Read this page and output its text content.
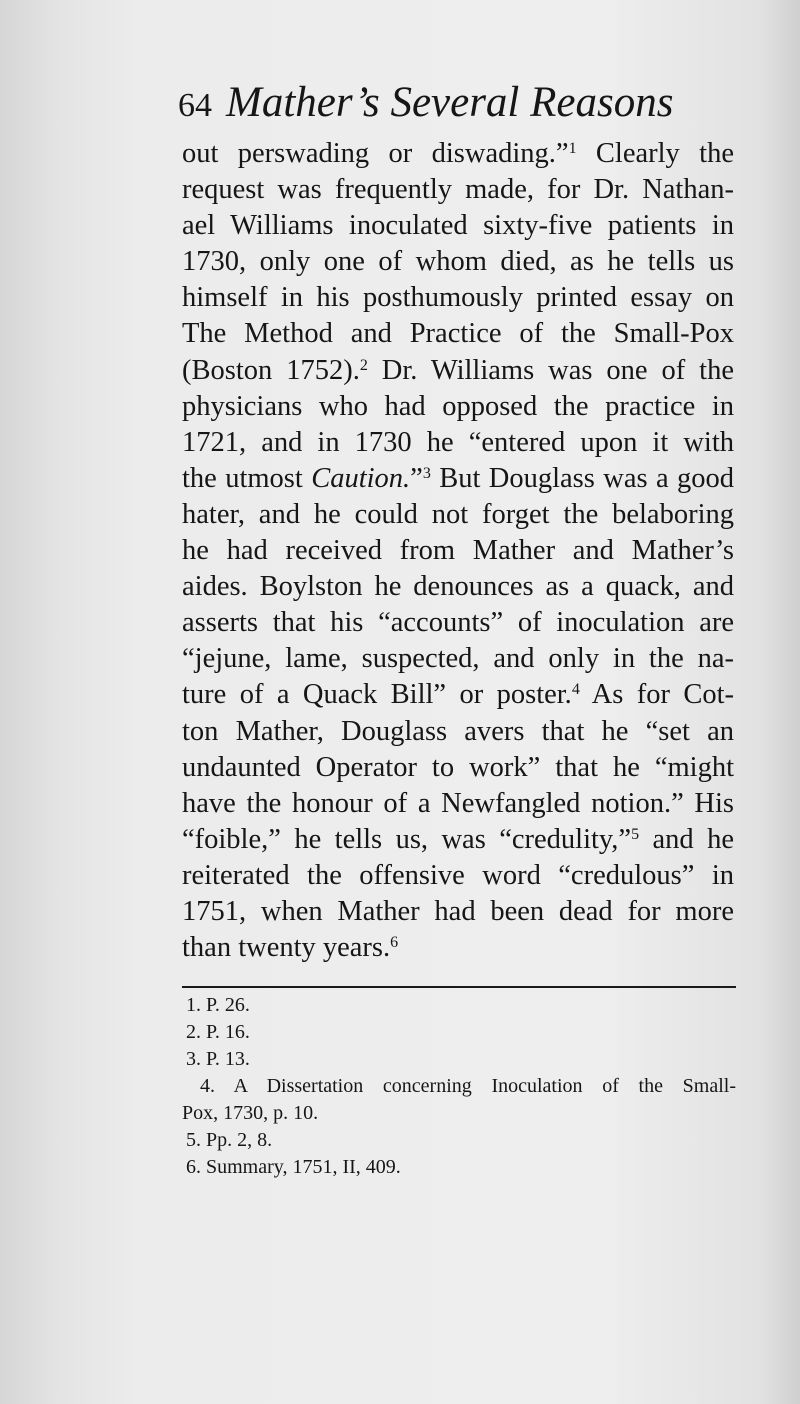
64 Mather’s Several Reasons
out perswading or diswading.”$^1$ Clearly the
request was frequently made, for Dr. Nathan-
ael Williams inoculated sixty-five patients in
1730, only one of whom died, as he tells us
himself in his posthumously printed essay on
The Method and Practice of the Small-Pox
(Boston 1752).$^2$ Dr. Williams was one of the
physicians who had opposed the practice in
1721, and in 1730 he “entered upon it with
the utmost Caution.”$^3$ But Douglass was a good
hater, and he could not forget the belaboring
he had received from Mather and Mather’s
aides. Boylston he denounces as a quack, and
asserts that his “accounts” of inoculation are
“jejune, lame, suspected, and only in the na-
ture of a Quack Bill” or poster.$^4$ As for Cot-
ton Mather, Douglass avers that he “set an
undaunted Operator to work” that he “might
have the honour of a Newfangled notion.” His
“foible,” he tells us, was “credulity,”$^5$ and he
reiterated the offensive word “credulous” in
1751, when Mather had been dead for more
than twenty years.$^6$
1. P. 26.
2. P. 16.
3. P. 13.
4. A Dissertation concerning Inoculation of the Small-
Pox, 1730, p. 10.
5. Pp. 2, 8.
6. Summary, 1751, II, 409.
